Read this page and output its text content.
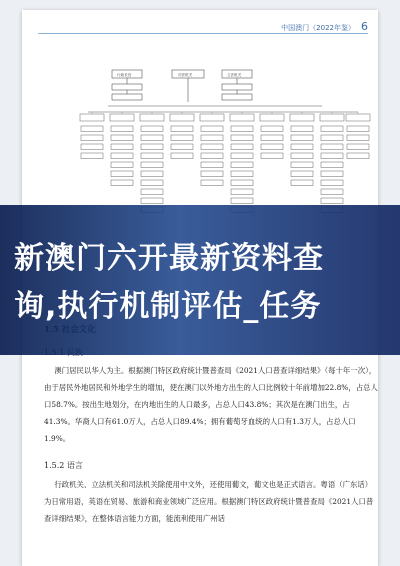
中国澳门（2022年鉴） 6
行政长官	司法机关	立法机关
澳门居民以华人为主。根据澳门特区政府统计暨普查局《2021人口普查详细结果》（每十年一次），由于居民外地居民和外地学生的增加，使在澳门以外地方出生的人口比例较十年前增加22.8%，占总人口58.7%。按出生地划分，在内地出生的人口最多，占总人口43.8%；其次是在澳门出生，占41.3%。华裔人口有61.0万人，占总人口89.4%；拥有葡萄牙血统的人口有1.3万人，占总人口1.9%。
1.5.2 语言
行政机关、立法机关和司法机关除使用中文外，还使用葡文，葡文也是正式语言。粤语（广东话）为日常用语，英语在贸易、旅游和商业领域广泛应用。根据澳门特区政府统计暨普查局《2021人口普查详细结果》，在整体语言能力方面，能流利使用广州话
新澳门六开最新资料查
询,执行机制评估_任务
